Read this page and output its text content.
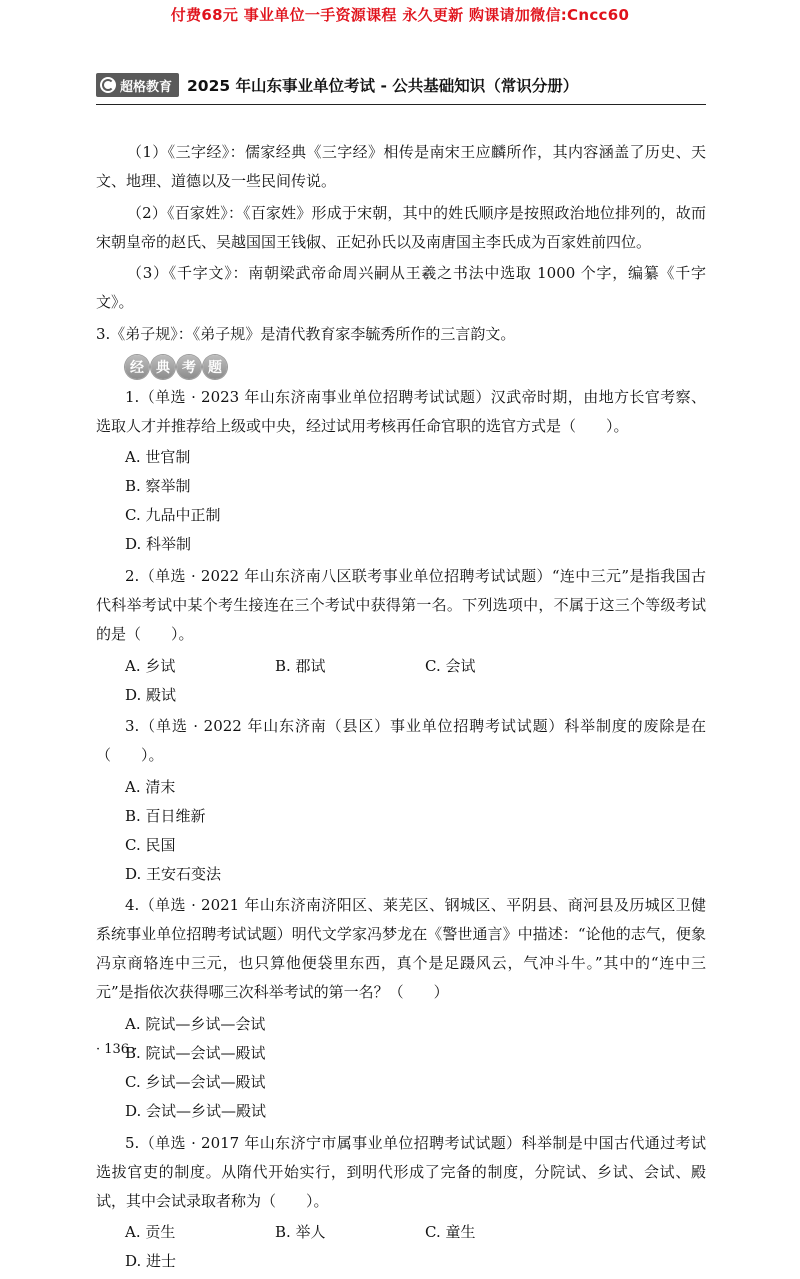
付费68元 事业单位一手资源课程 永久更新 购课请加微信:Cncc60
超格教育 2025 年山东事业单位考试 - 公共基础知识（常识分册）

（1）《三字经》：儒家经典《三字经》相传是南宋王应麟所作，其内容涵盖了历史、天文、地理、道德以及一些民间传说。

（2）《百家姓》：《百家姓》形成于宋朝，其中的姓氏顺序是按照政治地位排列的，故而宋朝皇帝的赵氏、吴越国国王钱俶、正妃孙氏以及南唐国主李氏成为百家姓前四位。

（3）《千字文》：南朝梁武帝命周兴嗣从王羲之书法中选取 1000 个字，编纂《千字文》。

3.《弟子规》：《弟子规》是清代教育家李毓秀所作的三言韵文。

经 典 考 题

1.（单选 · 2023 年山东济南事业单位招聘考试试题）汉武帝时期，由地方长官考察、选取人才并推荐给上级或中央，经过试用考核再任命官职的选官方式是（　　）。

A. 世官制
B. 察举制
C. 九品中正制
D. 科举制

2.（单选 · 2022 年山东济南八区联考事业单位招聘考试试题）“连中三元”是指我国古代科举考试中某个考生接连在三个考试中获得第一名。下列选项中，不属于这三个等级考试的是（　　）。

A. 乡试	B. 郡试	C. 会试
D. 殿试

3.（单选 · 2022 年山东济南（县区）事业单位招聘考试试题）科举制度的废除是在（　　）。

A. 清末
B. 百日维新
C. 民国
D. 王安石变法

4.（单选 · 2021 年山东济南济阳区、莱芜区、钢城区、平阴县、商河县及历城区卫健系统事业单位招聘考试试题）明代文学家冯梦龙在《警世通言》中描述：“论他的志气，便象冯京商辂连中三元，也只算他便袋里东西，真个是足蹑风云，气冲斗牛。”其中的“连中三元”是指依次获得哪三次科举考试的第一名？（　　）

A. 院试—乡试—会试
B. 院试—会试—殿试
C. 乡试—会试—殿试
D. 会试—乡试—殿试

5.（单选 · 2017 年山东济宁市属事业单位招聘考试试题）科举制是中国古代通过考试选拔官吏的制度。从隋代开始实行，到明代形成了完备的制度，分院试、乡试、会试、殿试，其中会试录取者称为（　　）。

A. 贡生	B. 举人	C. 童生
D. 进士
· 136 ·
